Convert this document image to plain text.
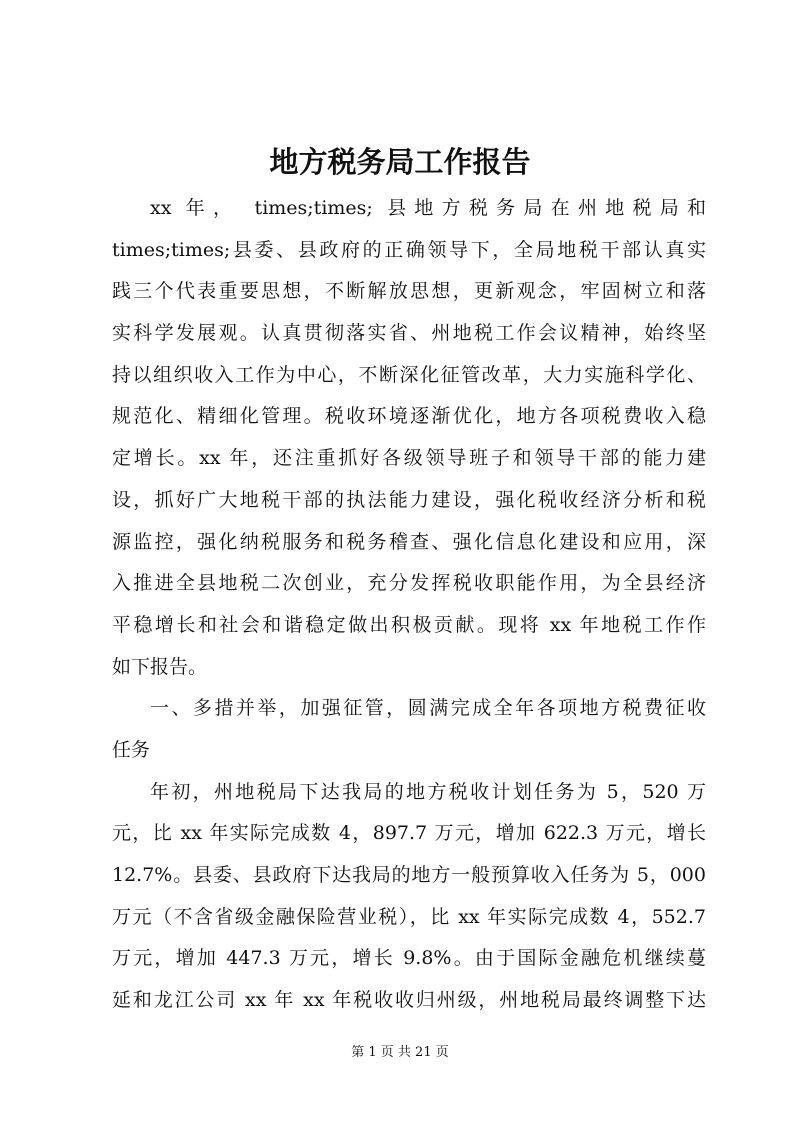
地方税务局工作报告
xx 年， times;times; 县地方税务局在州地税局和
times;times;县委、县政府的正确领导下，全局地税干部认真实
践三个代表重要思想，不断解放思想，更新观念，牢固树立和落
实科学发展观。认真贯彻落实省、州地税工作会议精神，始终坚
持以组织收入工作为中心，不断深化征管改革，大力实施科学化、
规范化、精细化管理。税收环境逐渐优化，地方各项税费收入稳
定增长。xx 年，还注重抓好各级领导班子和领导干部的能力建
设，抓好广大地税干部的执法能力建设，强化税收经济分析和税
源监控，强化纳税服务和税务稽查、强化信息化建设和应用，深
入推进全县地税二次创业，充分发挥税收职能作用，为全县经济
平稳增长和社会和谐稳定做出积极贡献。现将 xx 年地税工作作
如下报告。
一、多措并举，加强征管，圆满完成全年各项地方税费征收
任务
年初，州地税局下达我局的地方税收计划任务为 5，520 万
元，比 xx 年实际完成数 4，897.7 万元，增加 622.3 万元，增长
12.7%。县委、县政府下达我局的地方一般预算收入任务为 5，000
万元（不含省级金融保险营业税），比 xx 年实际完成数 4，552.7
万元，增加 447.3 万元，增长 9.8%。由于国际金融危机继续蔓
延和龙江公司 xx 年 xx 年税收收归州级，州地税局最终调整下达
第 1 页 共 21 页
